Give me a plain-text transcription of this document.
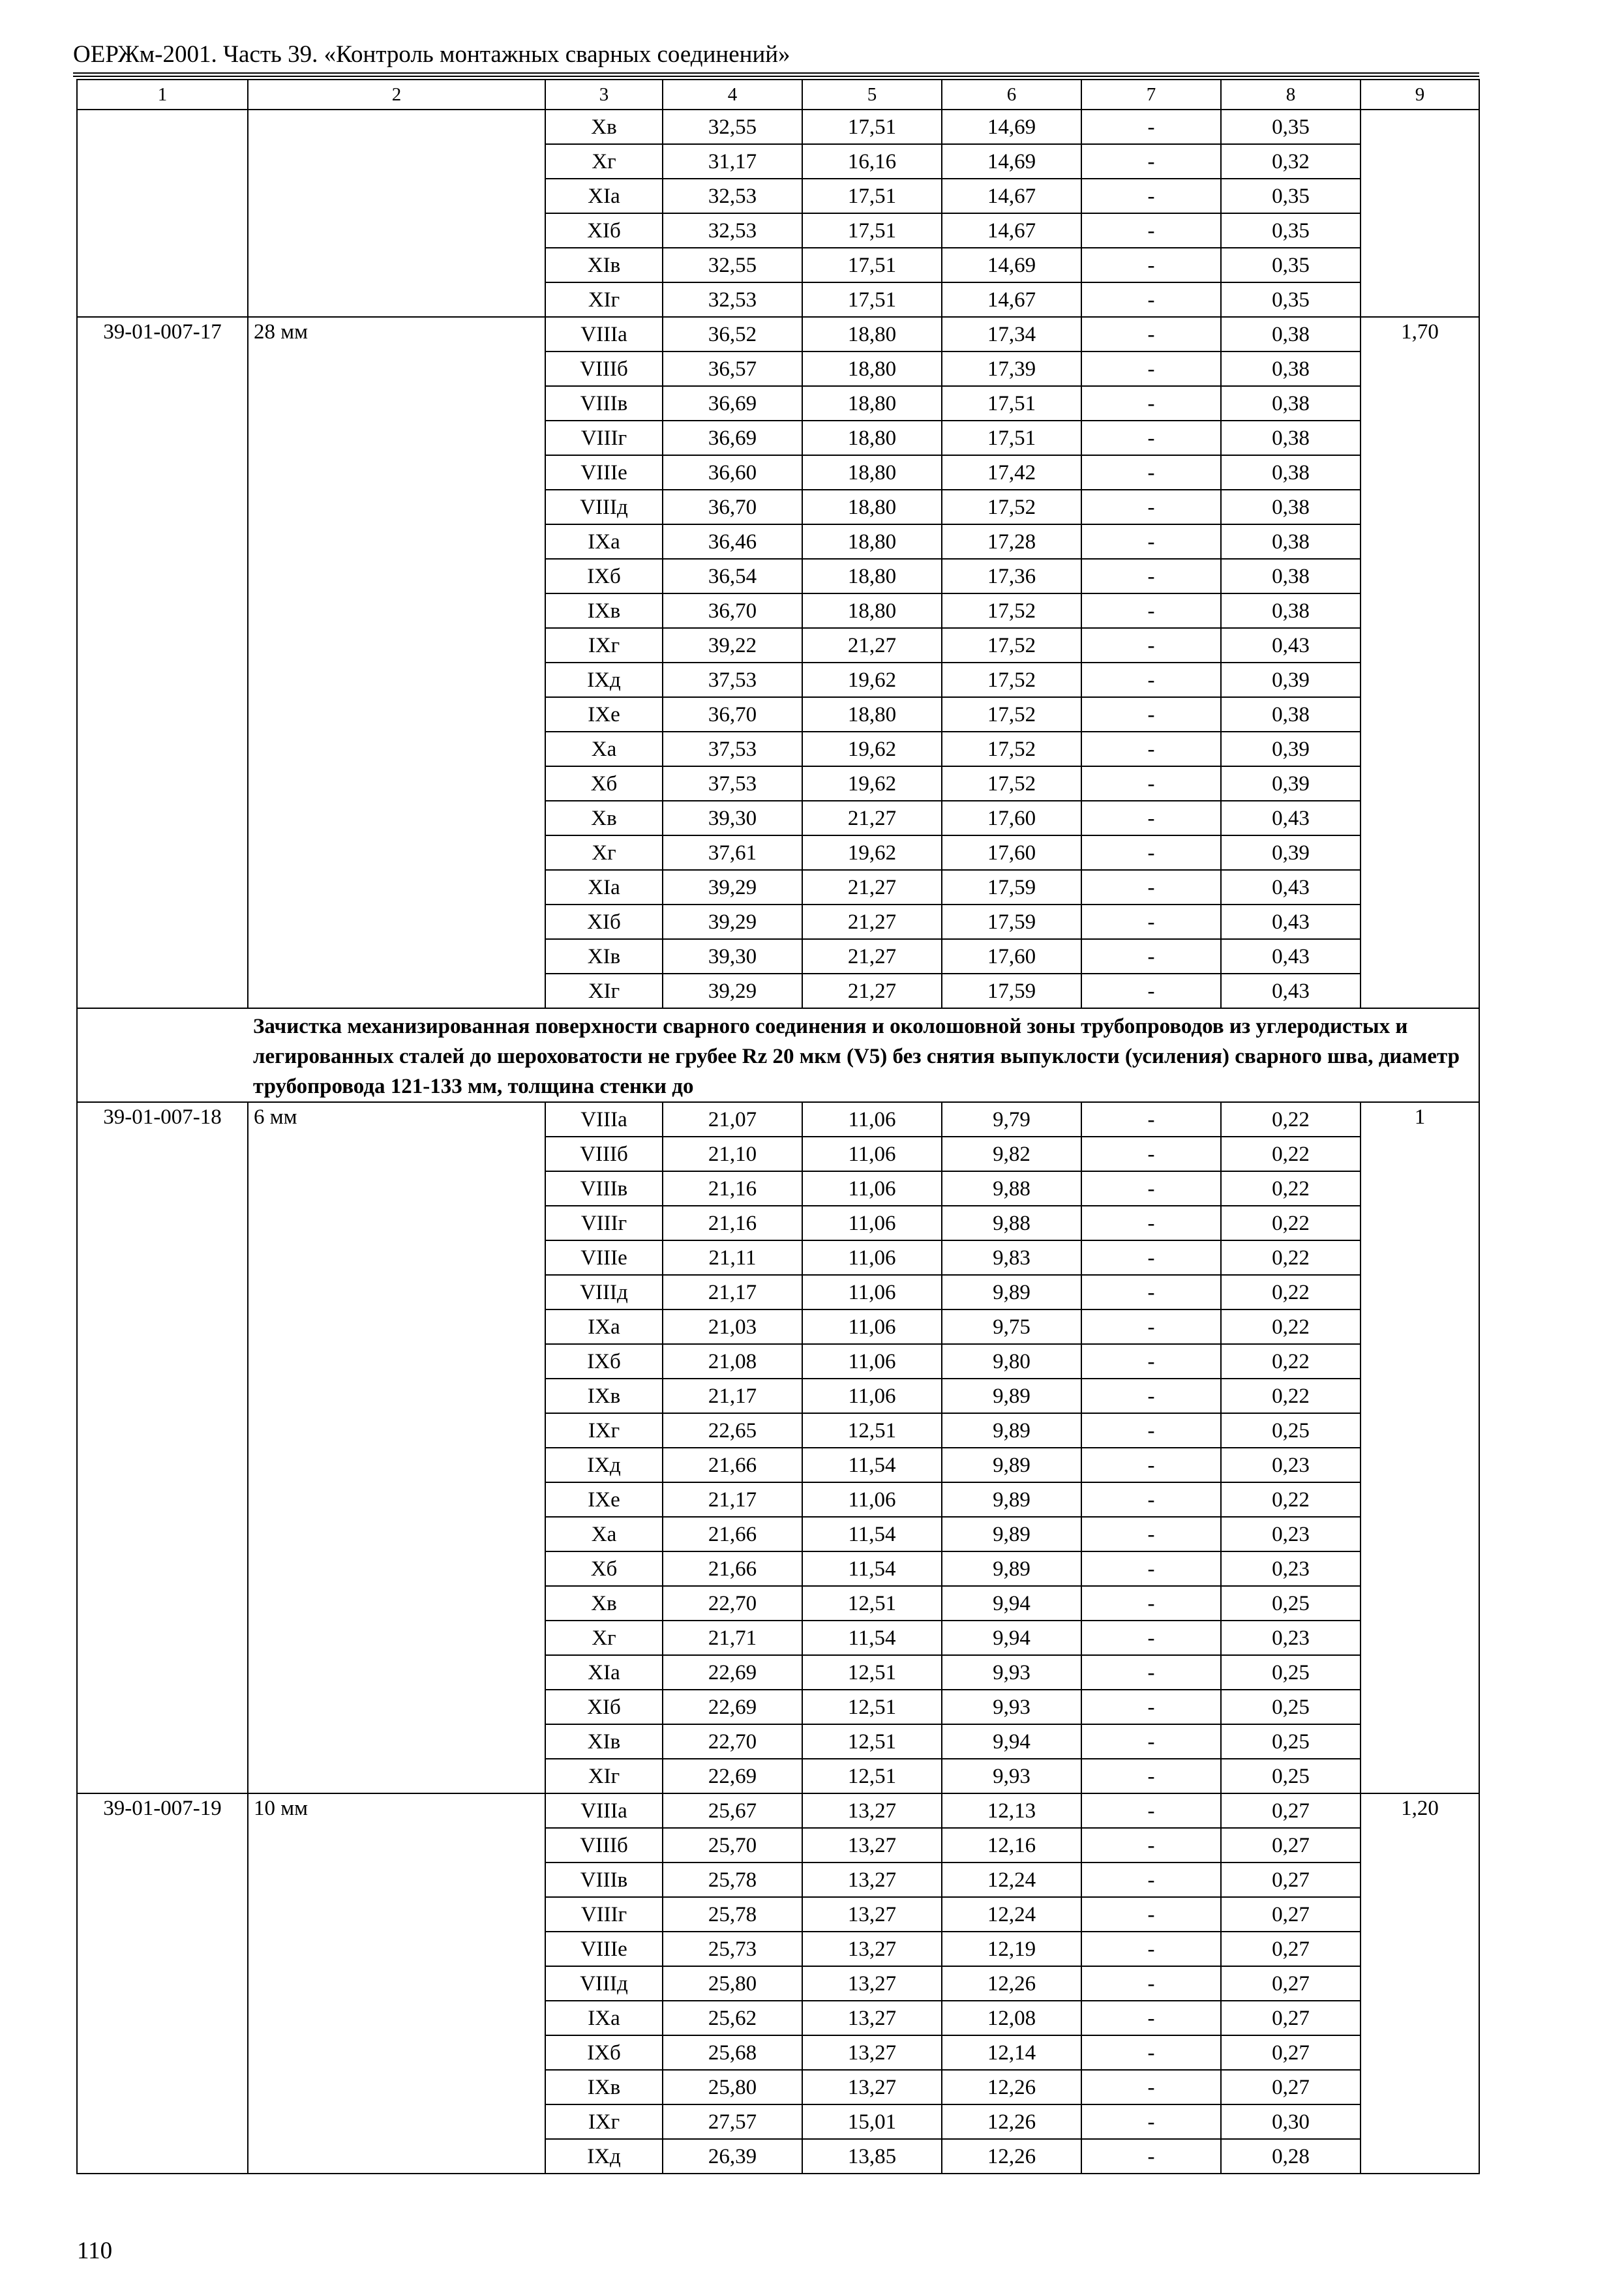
ОЕРЖм-2001. Часть 39. «Контроль монтажных сварных соединений»
1	2	3	4	5	6	7	8	9
		Xв	32,55	17,51	14,69	-	0,35	
		Xг	31,17	16,16	14,69	-	0,32	
		XIа	32,53	17,51	14,67	-	0,35	
		XIб	32,53	17,51	14,67	-	0,35	
		XIв	32,55	17,51	14,69	-	0,35	
		XIг	32,53	17,51	14,67	-	0,35	
39-01-007-17	28 мм	VIIIа	36,52	18,80	17,34	-	0,38	1,70
		VIIIб	36,57	18,80	17,39	-	0,38	
		VIIIв	36,69	18,80	17,51	-	0,38	
		VIIIг	36,69	18,80	17,51	-	0,38	
		VIIIе	36,60	18,80	17,42	-	0,38	
		VIIIд	36,70	18,80	17,52	-	0,38	
		IXа	36,46	18,80	17,28	-	0,38	
		IXб	36,54	18,80	17,36	-	0,38	
		IXв	36,70	18,80	17,52	-	0,38	
		IXг	39,22	21,27	17,52	-	0,43	
		IXд	37,53	19,62	17,52	-	0,39	
		IXе	36,70	18,80	17,52	-	0,38	
		Xа	37,53	19,62	17,52	-	0,39	
		Xб	37,53	19,62	17,52	-	0,39	
		Xв	39,30	21,27	17,60	-	0,43	
		Xг	37,61	19,62	17,60	-	0,39	
		XIа	39,29	21,27	17,59	-	0,43	
		XIб	39,29	21,27	17,59	-	0,43	
		XIв	39,30	21,27	17,60	-	0,43	
		XIг	39,29	21,27	17,59	-	0,43	
	Зачистка механизированная поверхности сварного соединения и околошовной зоны трубопроводов из углеродистых и легированных сталей до шероховатости не грубее Rz 20 мкм (V5) без снятия выпуклости (усиления) сварного шва, диаметр трубопровода 121-133 мм, толщина стенки до							
39-01-007-18	6 мм	VIIIа	21,07	11,06	9,79	-	0,22	1
		VIIIб	21,10	11,06	9,82	-	0,22	
		VIIIв	21,16	11,06	9,88	-	0,22	
		VIIIг	21,16	11,06	9,88	-	0,22	
		VIIIе	21,11	11,06	9,83	-	0,22	
		VIIIд	21,17	11,06	9,89	-	0,22	
		IXа	21,03	11,06	9,75	-	0,22	
		IXб	21,08	11,06	9,80	-	0,22	
		IXв	21,17	11,06	9,89	-	0,22	
		IXг	22,65	12,51	9,89	-	0,25	
		IXд	21,66	11,54	9,89	-	0,23	
		IXе	21,17	11,06	9,89	-	0,22	
		Xа	21,66	11,54	9,89	-	0,23	
		Xб	21,66	11,54	9,89	-	0,23	
		Xв	22,70	12,51	9,94	-	0,25	
		Xг	21,71	11,54	9,94	-	0,23	
		XIа	22,69	12,51	9,93	-	0,25	
		XIб	22,69	12,51	9,93	-	0,25	
		XIв	22,70	12,51	9,94	-	0,25	
		XIг	22,69	12,51	9,93	-	0,25	
39-01-007-19	10 мм	VIIIа	25,67	13,27	12,13	-	0,27	1,20
		VIIIб	25,70	13,27	12,16	-	0,27	
		VIIIв	25,78	13,27	12,24	-	0,27	
		VIIIг	25,78	13,27	12,24	-	0,27	
		VIIIе	25,73	13,27	12,19	-	0,27	
		VIIIд	25,80	13,27	12,26	-	0,27	
		IXа	25,62	13,27	12,08	-	0,27	
		IXб	25,68	13,27	12,14	-	0,27	
		IXв	25,80	13,27	12,26	-	0,27	
		IXг	27,57	15,01	12,26	-	0,30	
		IXд	26,39	13,85	12,26	-	0,28	
110
